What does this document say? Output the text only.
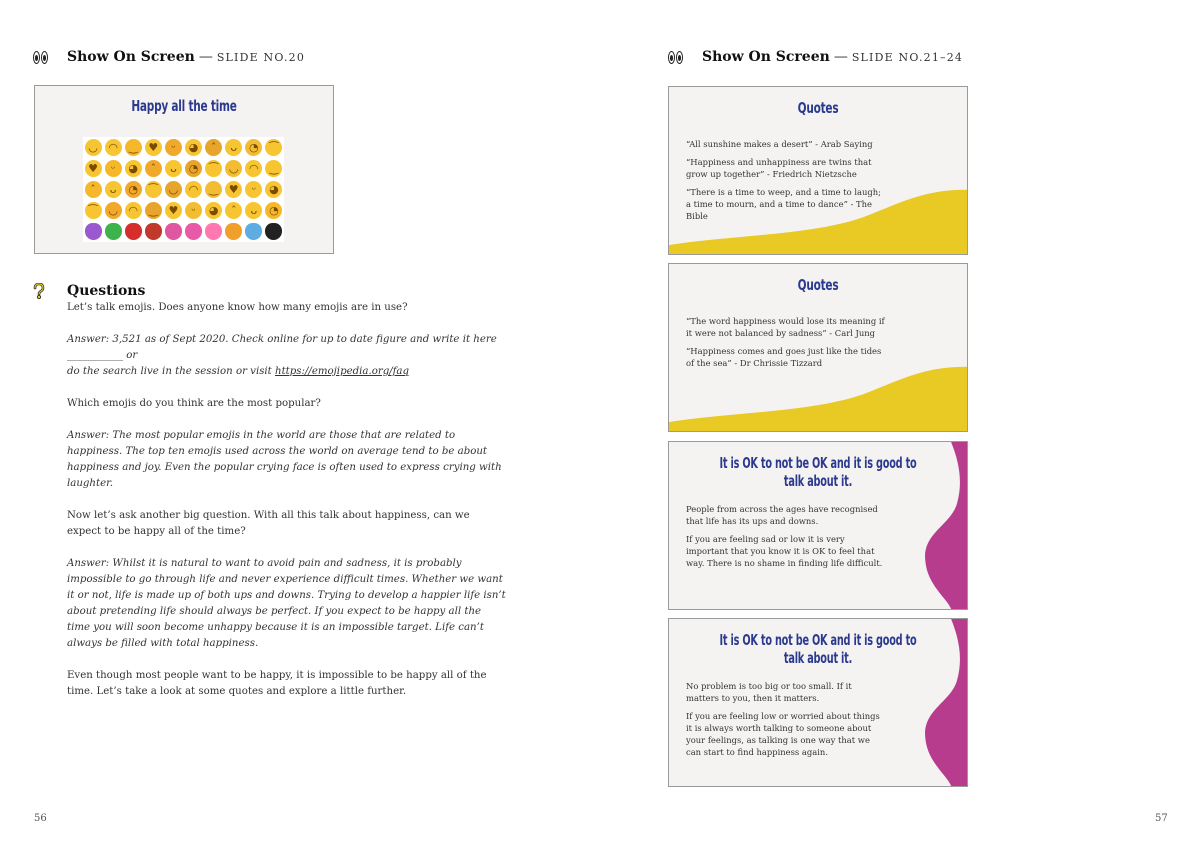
Show On Screen — SLIDE NO.20
Happy all the time
◡ ◠ ‿ ♥	ᵕ	◕	ˆ	ᴗ	◔ ⁀
♥	ᵕ	◕	ˆ	ᴗ	◔ ⁀ ◡ ◠ ‿
ˆ	ᴗ	◔ ⁀ ◡ ◠ ‿ ♥	ᵕ	◕
⁀ ◡ ◠ ‿ ♥	ᵕ	◕	ˆ	ᴗ	◔
Questions

Let’s talk emojis. Does anyone know how many emojis are in use?

Answer: 3,521 as of Sept 2020. Check online for up to date figure and write it here ___________ or
do the search live in the session or visit https://emojipedia.org/faq

Which emojis do you think are the most popular?

Answer: The most popular emojis in the world are those that are related to happiness. The top ten emojis used across the world on average tend to be about happiness and joy. Even the popular crying face is often used to express crying with laughter.

Now let’s ask another big question. With all this talk about happiness, can we expect to be happy all of the time?

Answer: Whilst it is natural to want to avoid pain and sadness, it is probably impossible to go through life and never experience difficult times. Whether we want it or not, life is made up of both ups and downs. Trying to develop a happier life isn’t about pretending life should always be perfect. If you expect to be happy all the time you will soon become unhappy because it is an impossible target. Life can’t always be filled with total happiness.

Even though most people want to be happy, it is impossible to be happy all of the time. Let’s take a look at some quotes and explore a little further.

56
Show On Screen — SLIDE NO.21–24
Quotes

“All sunshine makes a desert” - Arab Saying

“Happiness and unhappiness are twins that grow up together” - Friedrich Nietzsche

“There is a time to weep, and a time to laugh; a time to mourn, and a time to dance” - The Bible

Quotes

“The word happiness would lose its meaning if it were not balanced by sadness” - Carl Jung

“Happiness comes and goes just like the tides of the sea” - Dr Chrissie Tizzard

It is OK to not be OK and it is good to talk about it.

People from across the ages have recognised that life has its ups and downs.

If you are feeling sad or low it is very important that you know it is OK to feel that way. There is no shame in finding life difficult.

It is OK to not be OK and it is good to talk about it.

No problem is too big or too small. If it matters to you, then it matters.

If you are feeling low or worried about things it is always worth talking to someone about your feelings, as talking is one way that we can start to find happiness again.

57
